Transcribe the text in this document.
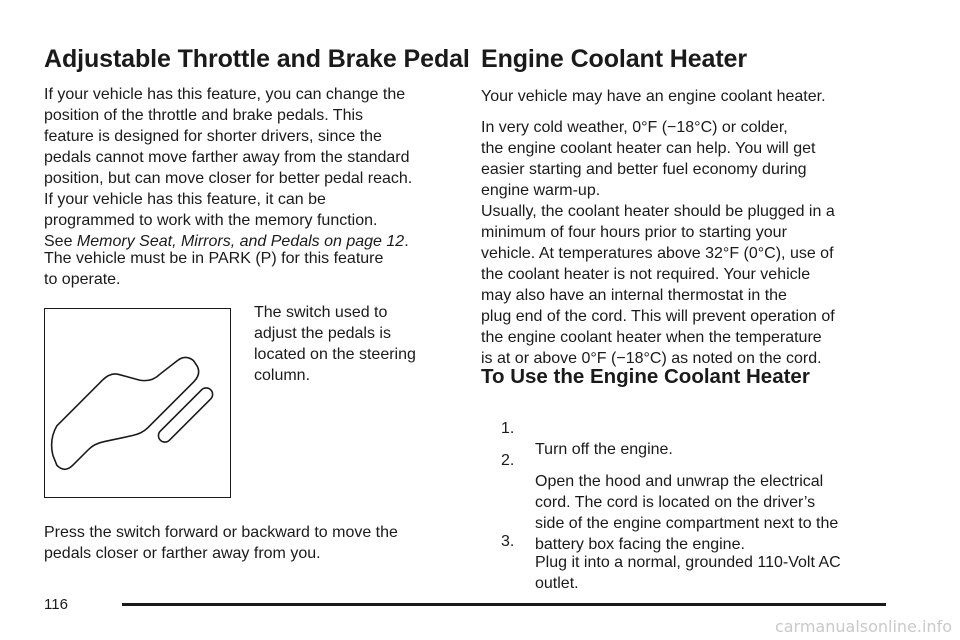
Adjustable Throttle and Brake Pedal

If your vehicle has this feature, you can change the
position of the throttle and brake pedals. This
feature is designed for shorter drivers, since the
pedals cannot move farther away from the standard
position, but can move closer for better pedal reach.
If your vehicle has this feature, it can be
programmed to work with the memory function.
See Memory Seat, Mirrors, and Pedals on page 12.

The vehicle must be in PARK (P) for this feature
to operate.

The switch used to
adjust the pedals is
located on the steering
column.

Press the switch forward or backward to move the
pedals closer or farther away from you.

Engine Coolant Heater

Your vehicle may have an engine coolant heater.

In very cold weather, 0°F (−18°C) or colder,
the engine coolant heater can help. You will get
easier starting and better fuel economy during
engine warm-up.

Usually, the coolant heater should be plugged in a
minimum of four hours prior to starting your
vehicle. At temperatures above 32°F (0°C), use of
the coolant heater is not required. Your vehicle
may also have an internal thermostat in the
plug end of the cord. This will prevent operation of
the engine coolant heater when the temperature
is at or above 0°F (−18°C) as noted on the cord.

To Use the Engine Coolant Heater

1.

Turn off the engine.

2.

Open the hood and unwrap the electrical
cord. The cord is located on the driver’s
side of the engine compartment next to the
battery box facing the engine.

3.

Plug it into a normal, grounded 110-Volt AC
outlet.

116
carmanualsonline.info
